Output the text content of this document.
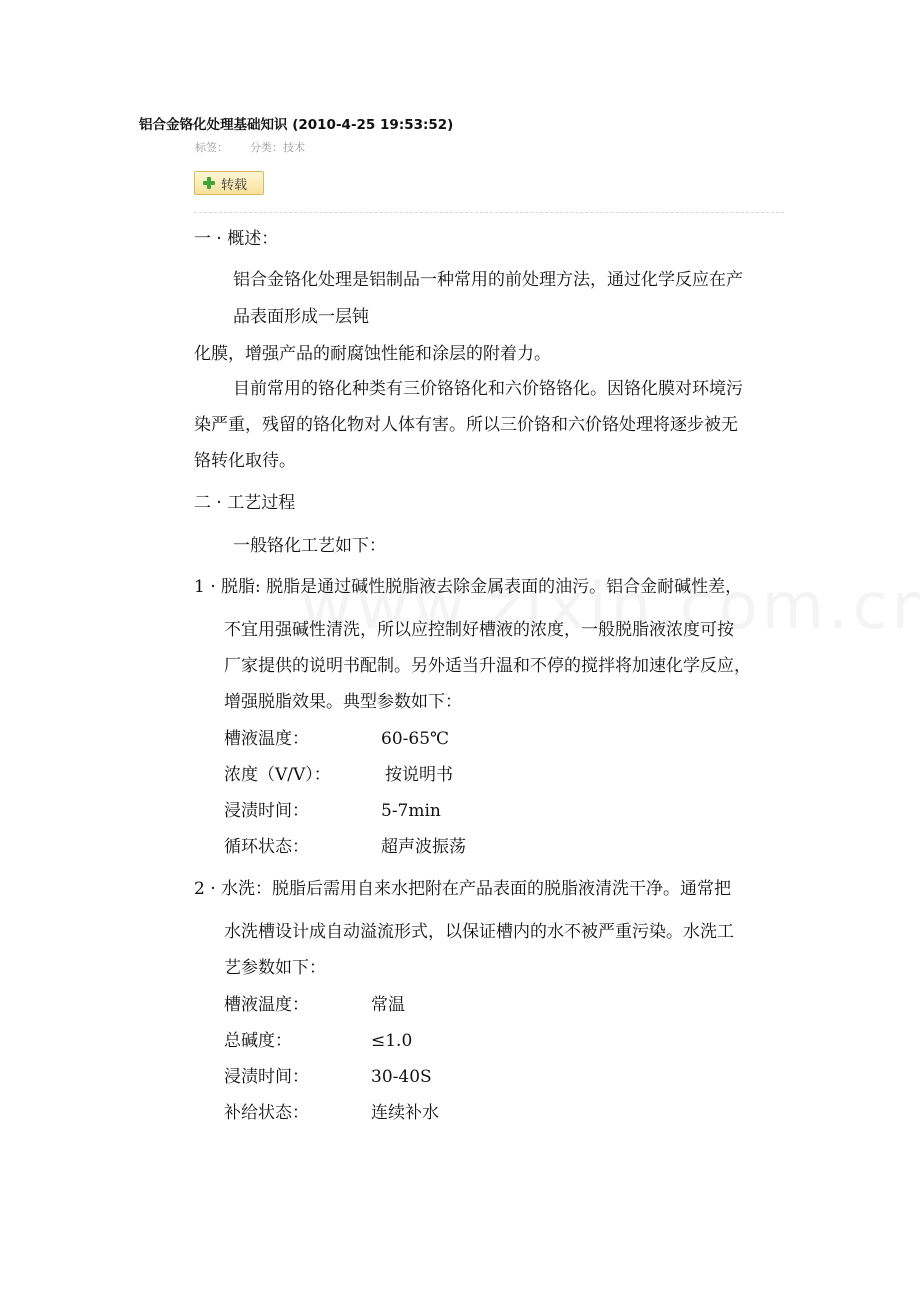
铝合金铬化处理基础知识 (2010-4-25 19:53:52)
标签： 分类：技术
转载
一 · 概述：
铝合金铬化处理是铝制品一种常用的前处理方法，通过化学反应在产
品表面形成一层钝
化膜，增强产品的耐腐蚀性能和涂层的附着力。
目前常用的铬化种类有三价铬铬化和六价铬铬化。因铬化膜对环境污
染严重，残留的铬化物对人体有害。所以三价铬和六价铬处理将逐步被无
铬转化取待。
二 · 工艺过程
一般铬化工艺如下：
1 · 脱脂: 脱脂是通过碱性脱脂液去除金属表面的油污。铝合金耐碱性差，
不宜用强碱性清洗，所以应控制好槽液的浓度，一般脱脂液浓度可按
厂家提供的说明书配制。另外适当升温和不停的搅拌将加速化学反应，
增强脱脂效果。典型参数如下：
槽液温度：	60-65℃
浓度（V/V）：	按说明书
浸渍时间：	5-7min
循环状态：	超声波振荡
2 · 水洗：脱脂后需用自来水把附在产品表面的脱脂液清洗干净。通常把
水洗槽设计成自动溢流形式，以保证槽内的水不被严重污染。水洗工
艺参数如下：
槽液温度：	常温
总碱度：	≤1.0
浸渍时间：	30-40S
补给状态：	连续补水
